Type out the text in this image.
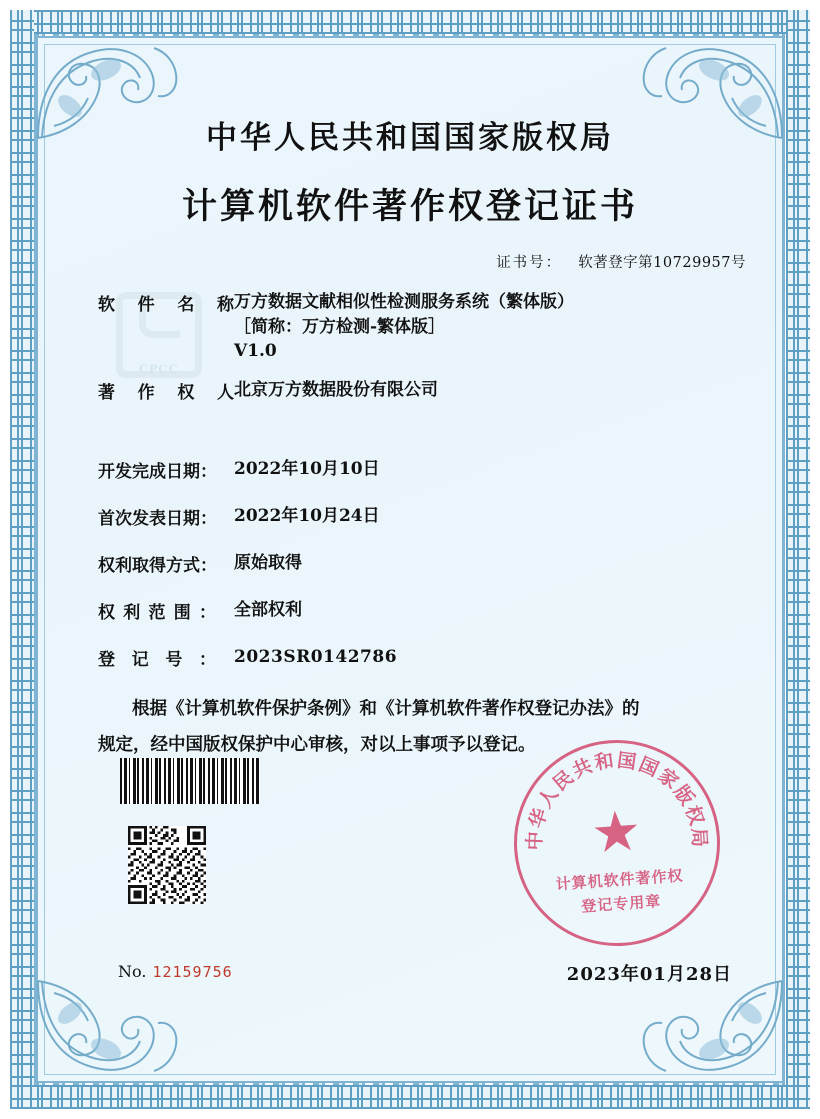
中华人民共和国国家版权局
计算机软件著作权登记证书
证书号： 软著登字第10729957号
CPCC
软件名称 万方数据文献相似性检测服务系统（繁体版）
［简称：万方检测-繁体版］
V1.0
著作权人 北京万方数据股份有限公司
开发完成日期：	2022年10月10日
首次发表日期：	2022年10月24日
权利取得方式：	原始取得
权利范围：	全部权利
登记号：	2023SR0142786
根据《计算机软件保护条例》和《计算机软件著作权登记办法》的
规定，经中国版权保护中心审核，对以上事项予以登记。
No. 12159756	2023年01月28日
中华人民共和国国家版权局
★
计算机软件著作权
登记专用章
